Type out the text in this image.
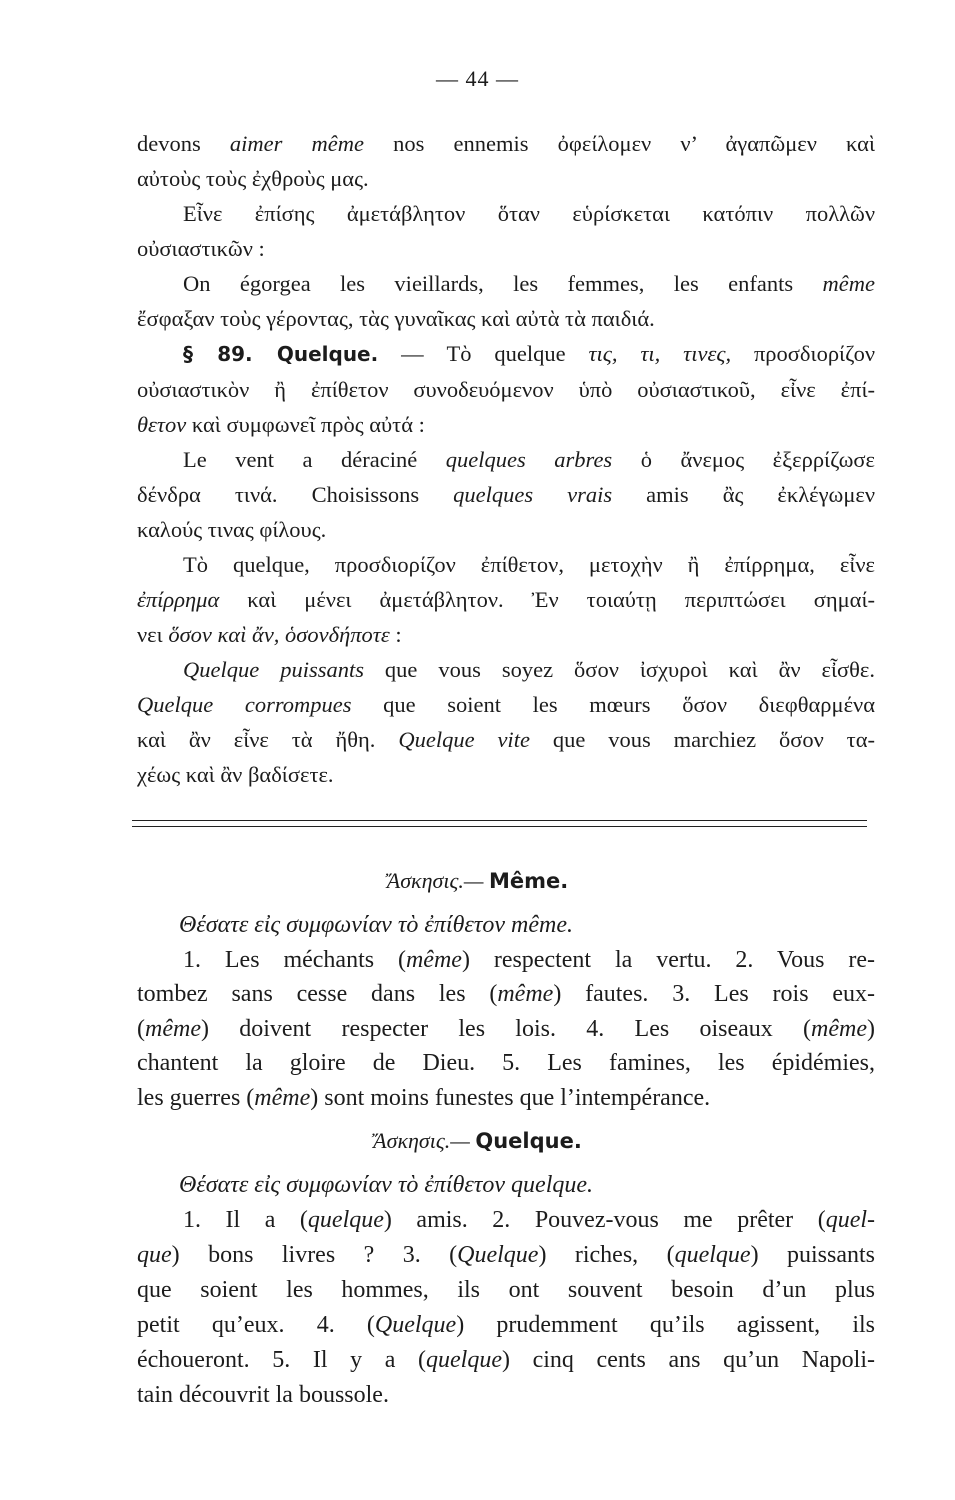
— 44 —

devons aimer même nos ennemis ὀφείλομεν ν’ ἀγαπῶμεν καὶ

αὐτοὺς τοὺς ἐχθροὺς μας.

Εἶνε ἐπίσης ἀμετάβλητον ὅταν εὑρίσκεται κατόπιν πολλῶν

οὐσιαστικῶν :

On égorgea les vieillards, les femmes, les enfants même

ἔσφαξαν τοὺς γέροντας, τὰς γυναῖκας καὶ αὐτὰ τὰ παιδιά.

§ 89. Quelque. — Τὸ quelque τις, τι, τινες, προσδιορίζον

οὐσιαστικὸν ἢ ἐπίθετον συνοδευόμενον ὑπὸ οὐσιαστικοῦ, εἶνε ἐπί-

θετον καὶ συμφωνεῖ πρὸς αὐτά :

Le vent a déraciné quelques arbres ὁ ἄνεμος ἐξερρίζωσε

δένδρα τινά. Choisissons quelques vrais amis ἂς ἐκλέγωμεν

καλούς τινας φίλους.

Τὸ quelque, προσδιορίζον ἐπίθετον, μετοχὴν ἢ ἐπίρρημα, εἶνε

ἐπίρρημα καὶ μένει ἀμετάβλητον. Ἐν τοιαύτῃ περιπτώσει σημαί-

νει ὅσον καὶ ἄν, ὁσονδήποτε :

Quelque puissants que vous soyez ὅσον ἰσχυροὶ καὶ ἂν εἶσθε.

Quelque corrompues que soient les mœurs ὅσον διεφθαρμένα

καὶ ἂν εἶνε τὰ ἤθη. Quelque vite que vous marchiez ὅσον τα-

χέως καὶ ἂν βαδίσετε.

Ἄσκησις.— Même.

Θέσατε εἰς συμφωνίαν τὸ ἐπίθετον même.

1. Les méchants (même) respectent la vertu. 2. Vous re-

tombez sans cesse dans les (même) fautes. 3. Les rois eux-

(même) doivent respecter les lois. 4. Les oiseaux (même)

chantent la gloire de Dieu. 5. Les famines, les épidémies,

les guerres (même) sont moins funestes que l’intempérance.

Ἄσκησις.— Quelque.

Θέσατε εἰς συμφωνίαν τὸ ἐπίθετον quelque.

1. Il a (quelque) amis. 2. Pouvez-vous me prêter (quel-

que) bons livres ? 3. (Quelque) riches, (quelque) puissants

que soient les hommes, ils ont souvent besoin d’un plus

petit qu’eux. 4. (Quelque) prudemment qu’ils agissent, ils

échoueront. 5. Il y a (quelque) cinq cents ans qu’un Napoli-

tain découvrit la boussole.
